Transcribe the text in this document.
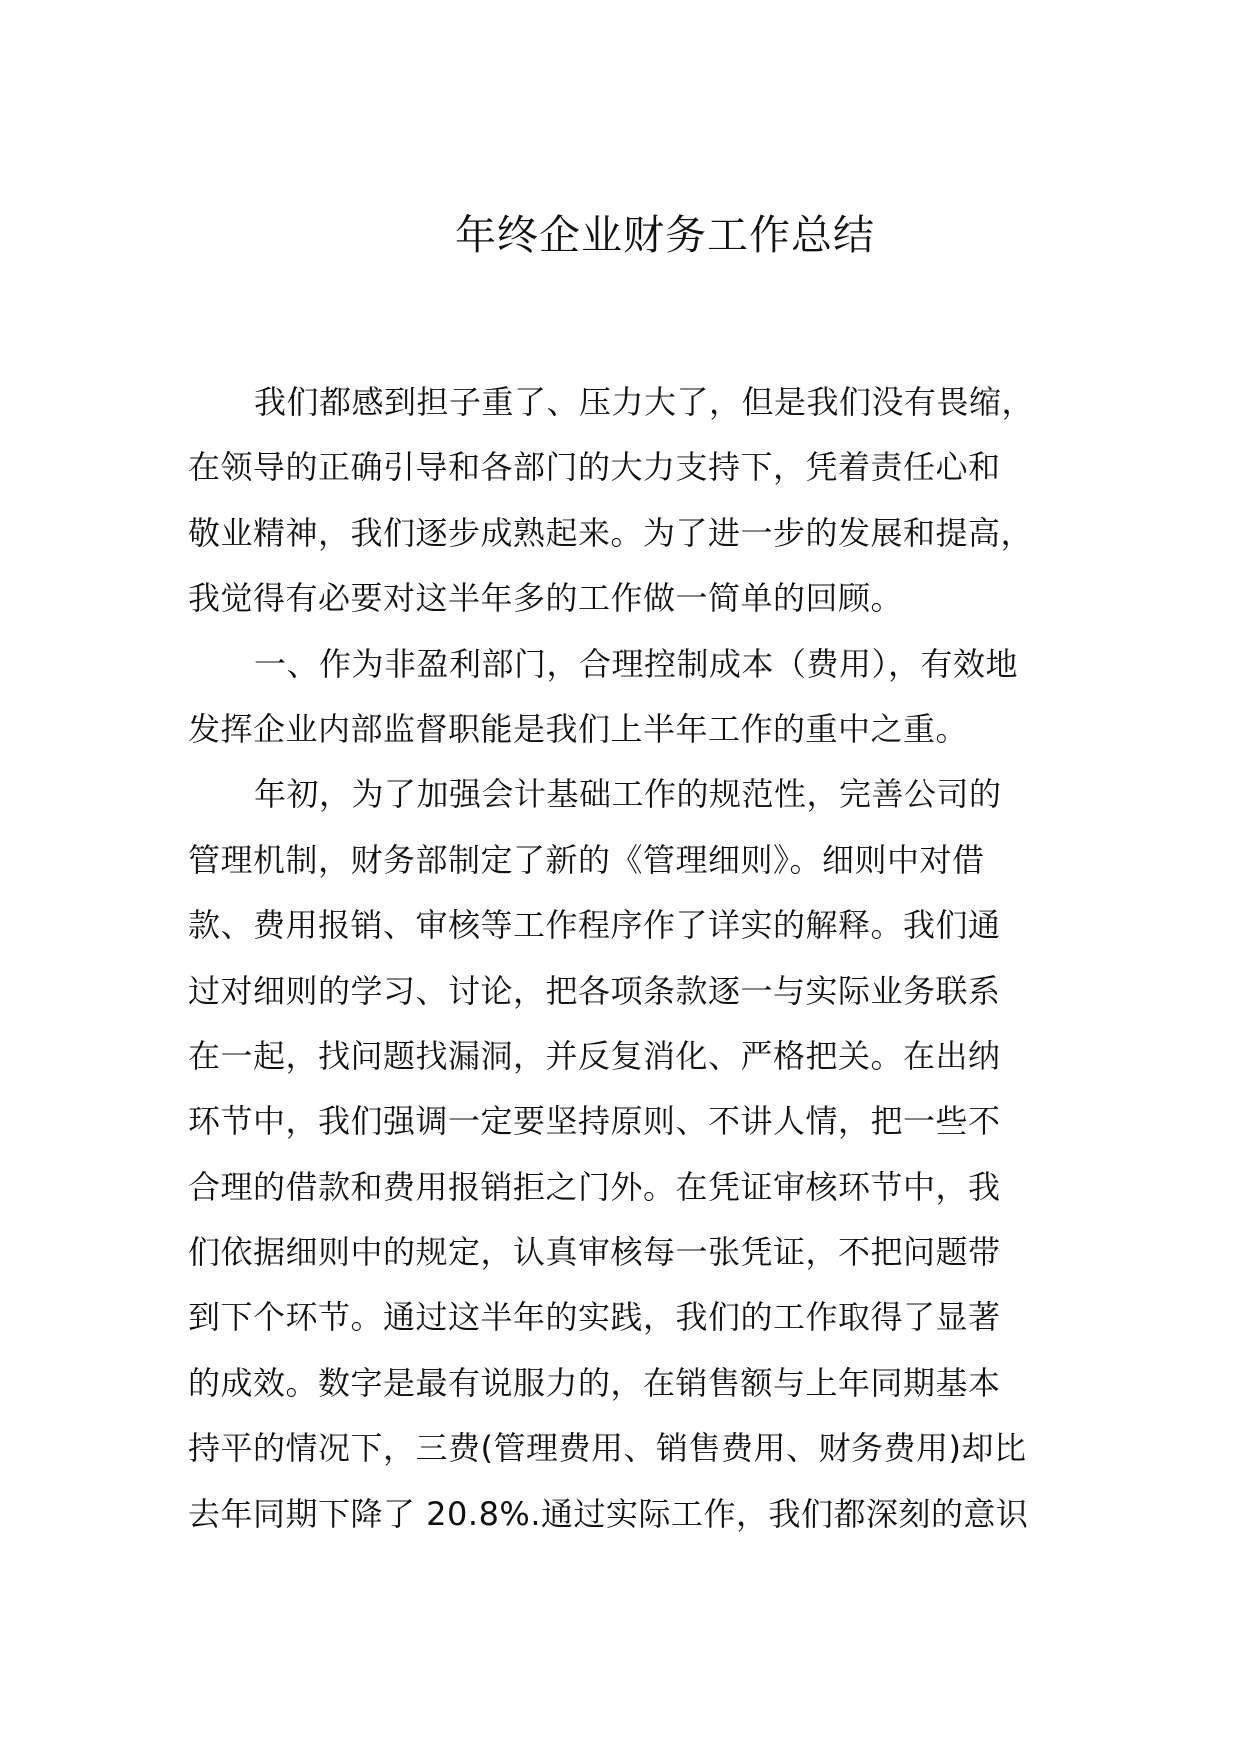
年终企业财务工作总结
我们都感到担子重了、压力大了，但是我们没有畏缩，
在领导的正确引导和各部门的大力支持下，凭着责任心和
敬业精神，我们逐步成熟起来。为了进一步的发展和提高，
我觉得有必要对这半年多的工作做一简单的回顾。
一、作为非盈利部门，合理控制成本（费用），有效地
发挥企业内部监督职能是我们上半年工作的重中之重。
年初，为了加强会计基础工作的规范性，完善公司的
管理机制，财务部制定了新的《管理细则》。细则中对借
款、费用报销、审核等工作程序作了详实的解释。我们通
过对细则的学习、讨论，把各项条款逐一与实际业务联系
在一起，找问题找漏洞，并反复消化、严格把关。在出纳
环节中，我们强调一定要坚持原则、不讲人情，把一些不
合理的借款和费用报销拒之门外。在凭证审核环节中，我
们依据细则中的规定，认真审核每一张凭证，不把问题带
到下个环节。通过这半年的实践，我们的工作取得了显著
的成效。数字是最有说服力的，在销售额与上年同期基本
持平的情况下，三费(管理费用、销售费用、财务费用)却比
去年同期下降了 20.8%.通过实际工作，我们都深刻的意识
